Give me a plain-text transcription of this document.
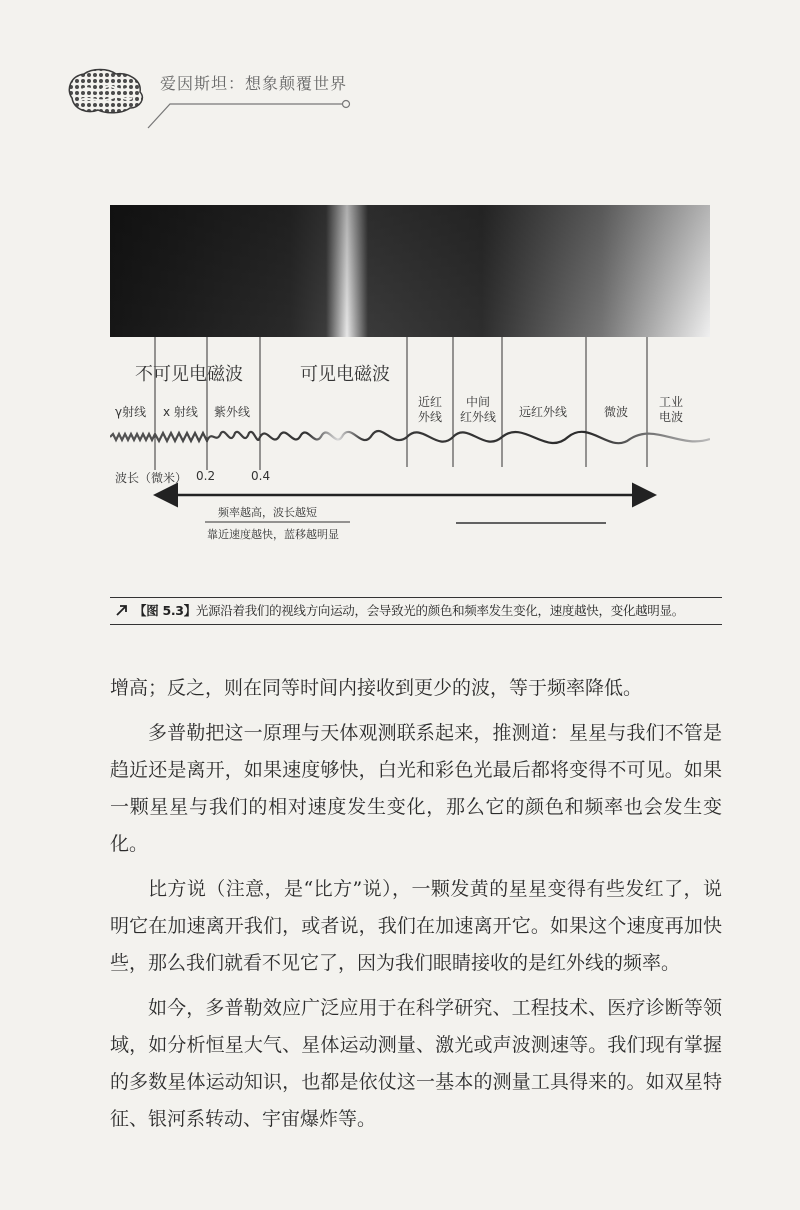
爱因斯坦：想象颠覆世界
不可见电磁波	可见电磁波
γ射线 x 射线 紫外线
近红
外线
中间
红外线	远红外线	微波
工业
电波
波长（微米） 0.2	0.4
频率越高，波长越短
靠近速度越快，蓝移越明显
【图 5.3】光源沿着我们的视线方向运动，会导致光的颜色和频率发生变化，速度越快，变化越明显。

增高；反之，则在同等时间内接收到更少的波，等于频率降低。

多普勒把这一原理与天体观测联系起来，推测道：星星与我们不管是趋近还是离开，如果速度够快，白光和彩色光最后都将变得不可见。如果一颗星星与我们的相对速度发生变化，那么它的颜色和频率也会发生变化。

比方说（注意，是“比方”说），一颗发黄的星星变得有些发红了，说明它在加速离开我们，或者说，我们在加速离开它。如果这个速度再加快些，那么我们就看不见它了，因为我们眼睛接收的是红外线的频率。

如今，多普勒效应广泛应用于在科学研究、工程技术、医疗诊断等领域，如分析恒星大气、星体运动测量、激光或声波测速等。我们现有掌握的多数星体运动知识，也都是依仗这一基本的测量工具得来的。如双星特征、银河系转动、宇宙爆炸等。
